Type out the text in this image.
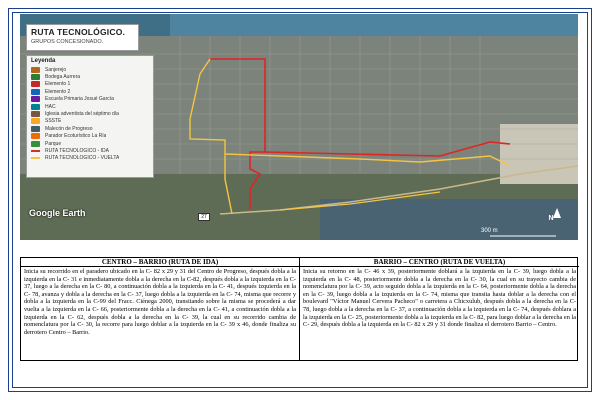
RUTA TECNOLÓGICO.
GRUPOS CONCESIONADO.
Leyenda
Sanjerejo
Bodega Aurrera
Elemento 1
Elemento 2
Escuela Primaria Josué García
HAC
Iglesia adventista del séptimo día
SSSTE
Malecón de Progreso
Parador Ecoturístico La Ría
Parque
RUTA TECNOLÓGICO - IDA
RUTA TECNOLÓGICO - VUELTA
Google Earth	27	N
300 m
CENTRO – BARRIO (RUTA DE IDA)
Inicia su recorrido en el paradero ubicado en la C- 82 x 29 y 31 del Centro de Progreso, después dobla a la izquierda en la C- 31 e inmediatamente dobla a la derecha en la C-82, después dobla a la izquierda en la C- 37, luego a la derecha en la C- 80, a continuación dobla a la izquierda en la C- 41, después izquierda en la C- 78, avanza y dobla a la derecha en la C- 37, luego dobla a la izquierda en la C- 74, misma que recorre y dobla a la izquierda en la C-99 del Fracc. Ciénega 2000, transitando sobre la misma se procederá a dar vuelta a la izquierda en la C- 66, posteriormente dobla a la derecha en la C- 41, a continuación dobla a la izquierda en la C- 62, después dobla a la derecha en la C- 39, la cual en su recorrido cambia de nomenclatura por la C- 30, la recorre para luego doblar a la izquierda en la C- 39 x 46, donde finaliza su derrotero Centro – Barrio.
BARRIO – CENTRO (RUTA DE VUELTA)
Inicia su retorno en la C- 46 x 39, posteriormente doblará a la izquierda en la C- 39, luego dobla a la izquierda en la C- 48, posteriormente dobla a la derecha en la C- 30, la cual en su trayecto cambia de nomenclatura por la C- 39, acto seguido dobla a la izquierda en la C- 64, posteriormente dobla a la derecha en la C- 39, luego dobla a la izquierda en la C- 74, misma que transita hasta doblar a la derecha con el boulevard "Víctor Manuel Cervera Pacheco" o carretera a Chicxulub, después dobla a la derecha en la C- 78, luego dobla a la derecha en la C- 37, a continuación dobla a la izquierda en la C- 74, después doblara a la izquierda en la C- 25, posteriormente dobla a la izquierda en la C- 82, para luego doblar a la derecha en la C- 29, después dobla a la izquierda en la C- 82 x 29 y 31 donde finaliza el derrotero Barrio – Centro.
